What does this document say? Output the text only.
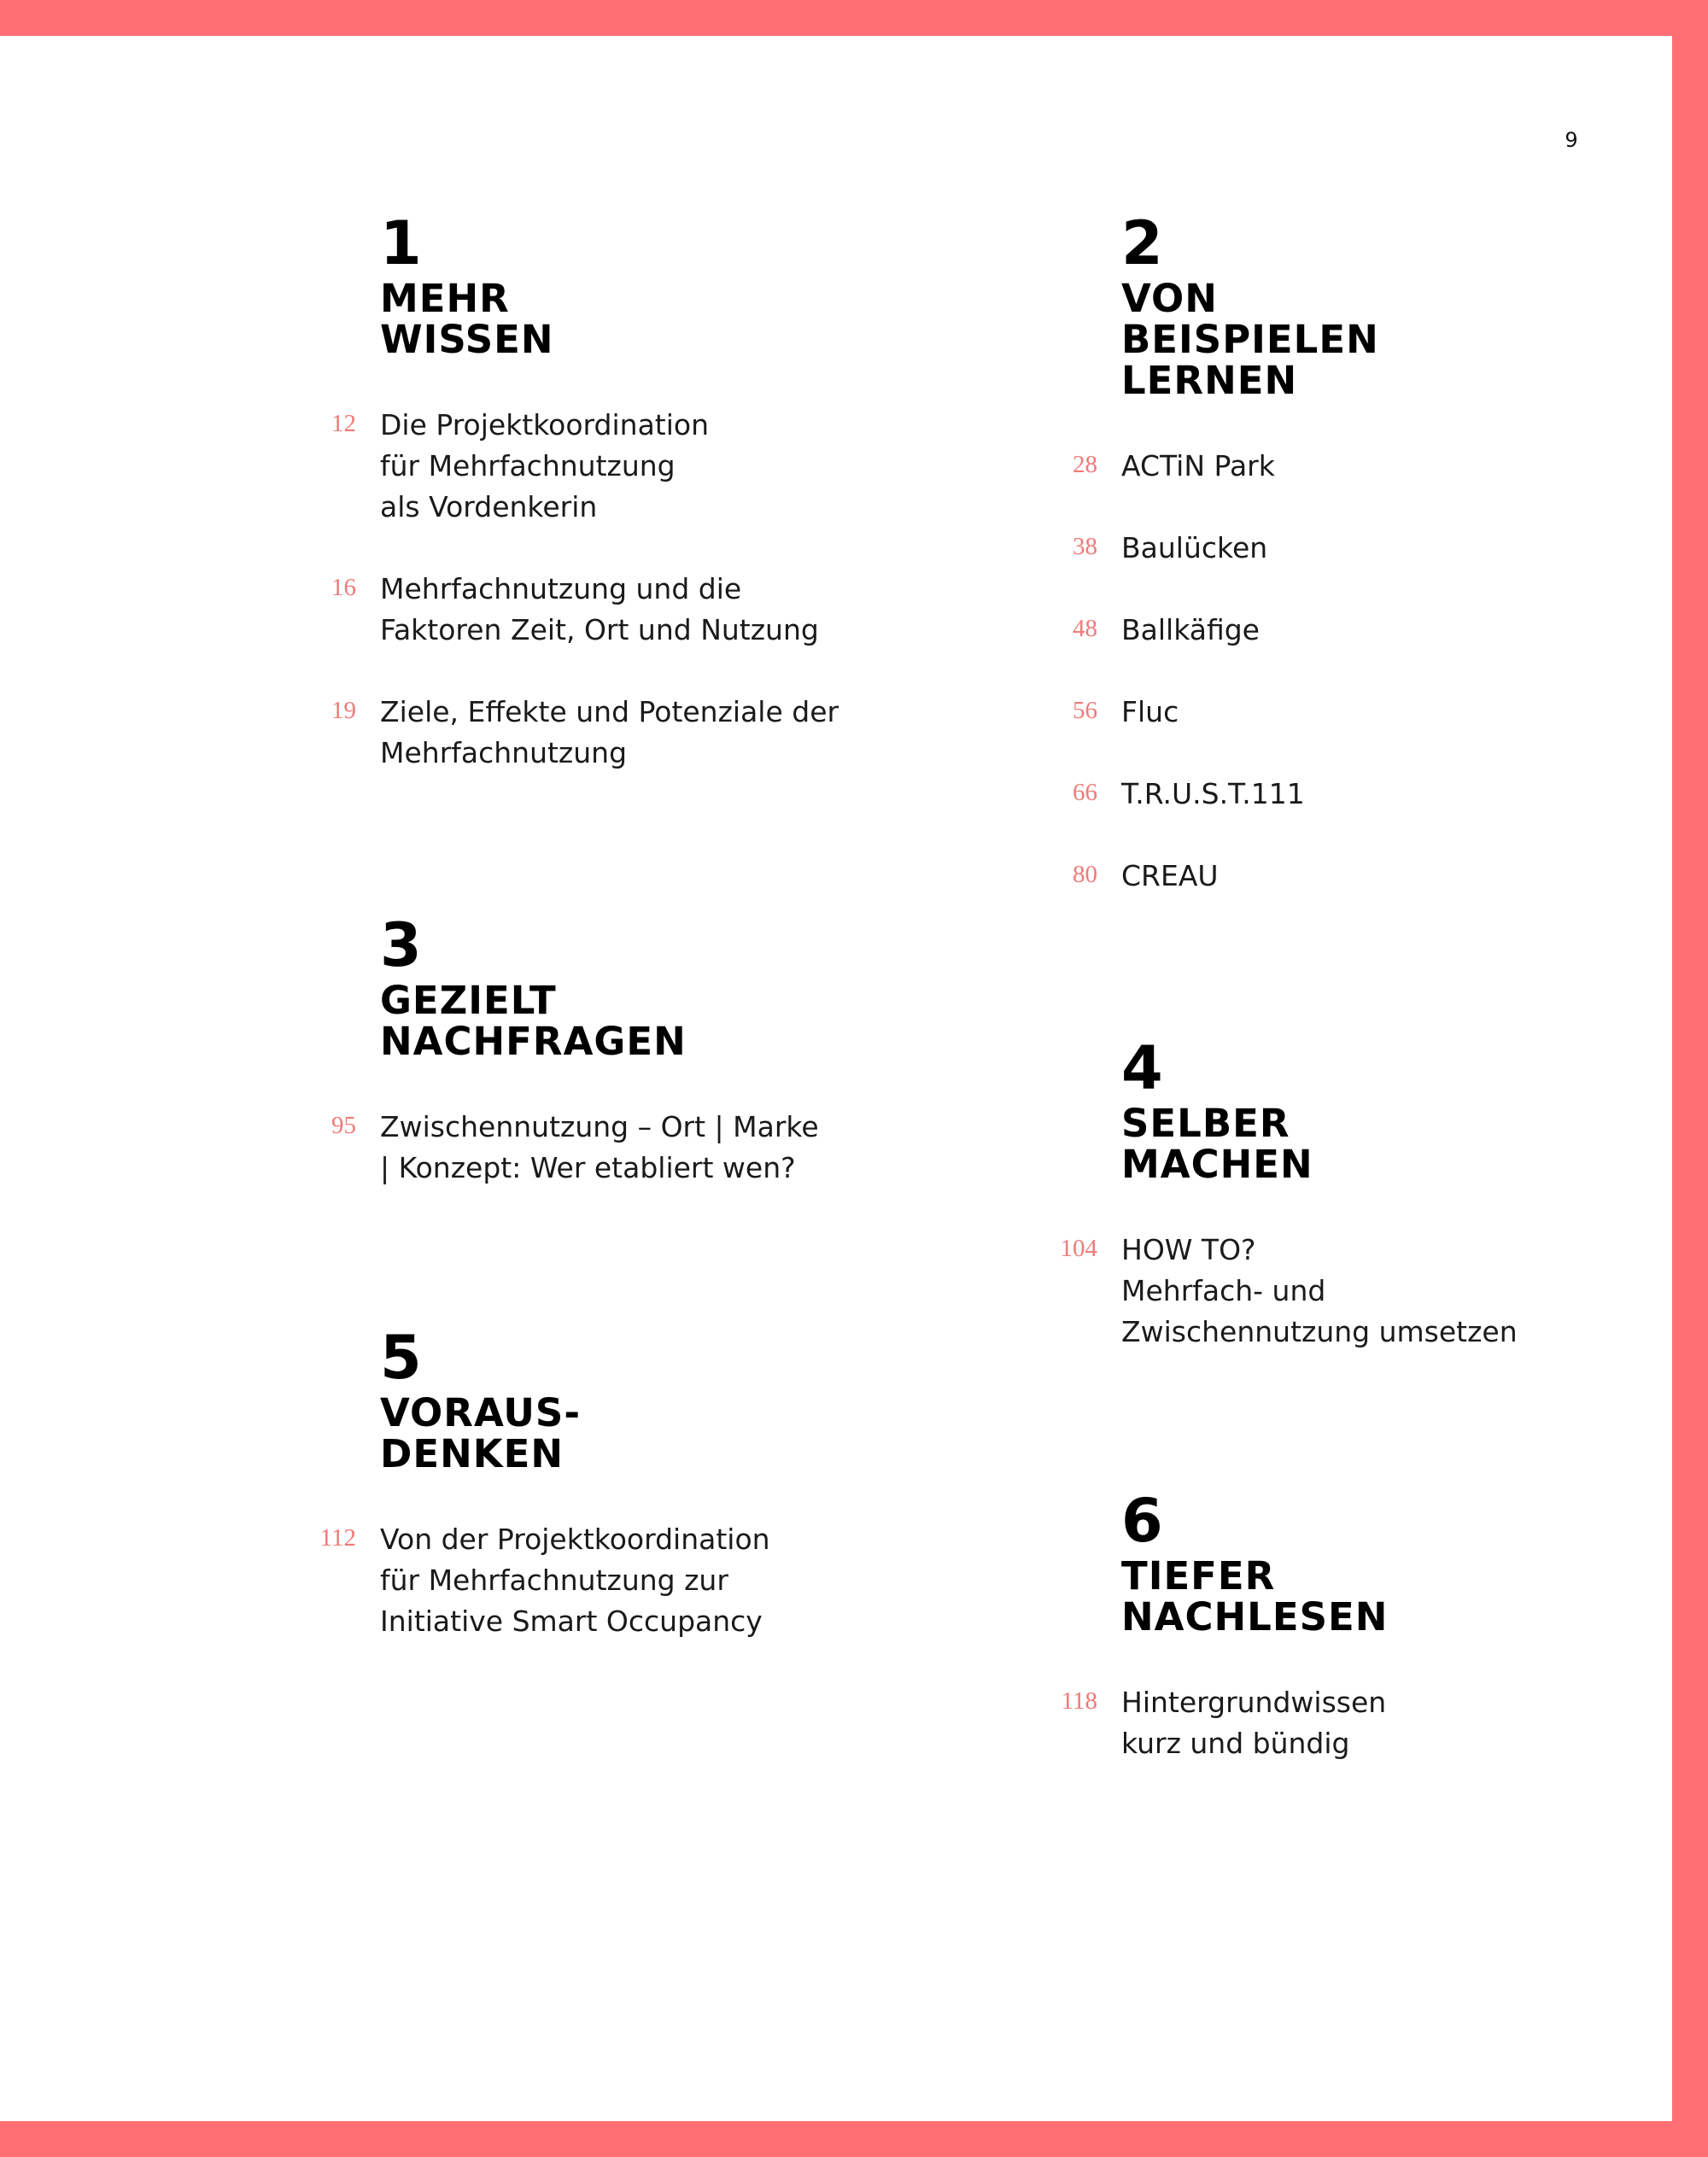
9
1
MEHR
WISSEN
12 Die Projektkoordination
für Mehrfachnutzung
als Vordenkerin

16 Mehrfachnutzung und die
Faktoren Zeit, Ort und Nutzung

19 Ziele, Effekte und Potenziale der
Mehrfachnutzung

2
VON
BEISPIELEN
LERNEN
28 ACTiN Park

38 Baulücken

48 Ballkäfige

56 Fluc

66 T.R.U.S.T.111

80 CREAU

3
GEZIELT
NACHFRAGEN
95 Zwischennutzung – Ort | Marke
| Konzept: Wer etabliert wen?

4
SELBER
MACHEN
104 HOW TO?
Mehrfach- und
Zwischennutzung umsetzen

5
VORAUS-
DENKEN
112 Von der Projektkoordination
für Mehrfachnutzung zur
Initiative Smart Occupancy

6
TIEFER
NACHLESEN
118 Hintergrundwissen
kurz und bündig
